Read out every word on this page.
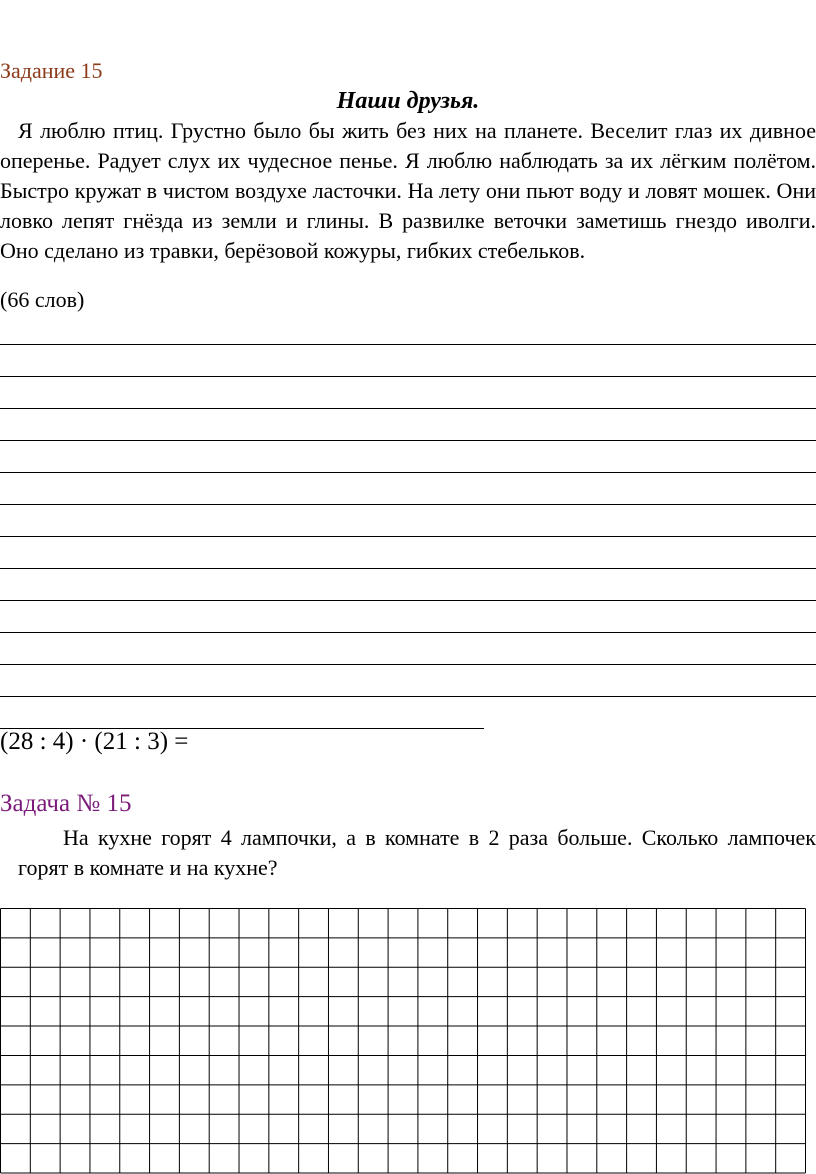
Задание 15
Наши друзья.

Я люблю птиц. Грустно было бы жить без них на планете. Веселит глаз их дивное оперенье. Радует слух их чудесное пенье. Я люблю наблюдать за их лёгким полётом. Быстро кружат в чистом воздухе ласточки. На лету они пьют воду и ловят мошек. Они ловко лепят гнёзда из земли и глины. В развилке веточки заметишь гнездо иволги. Оно сделано из травки, берёзовой кожуры, гибких стебельков.

(66 слов)
(28 : 4) · (21 : 3) =
Задача № 15

На кухне горят 4 лампочки, а в комнате в 2 раза больше. Сколько лампочек горят в комнате и на кухне?
